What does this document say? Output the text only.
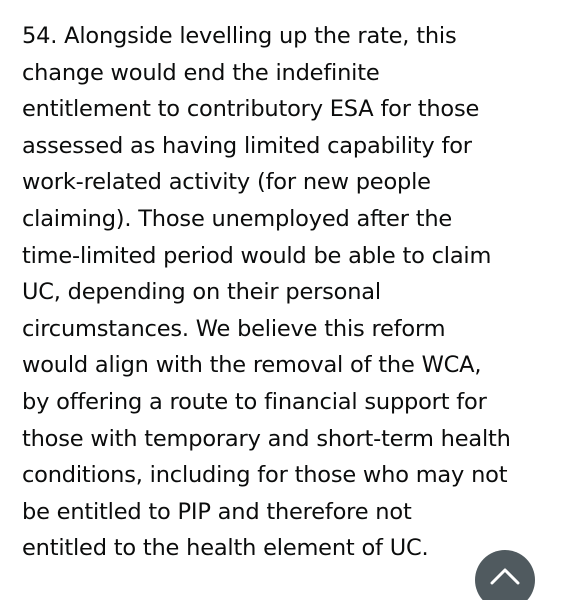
54. Alongside levelling up the rate, this
change would end the indefinite
entitlement to contributory ESA for those
assessed as having limited capability for
work-related activity (for new people
claiming). Those unemployed after the
time-limited period would be able to claim
UC, depending on their personal
circumstances. We believe this reform
would align with the removal of the WCA,
by offering a route to financial support for
those with temporary and short-term health
conditions, including for those who may not
be entitled to PIP and therefore not
entitled to the health element of UC.
